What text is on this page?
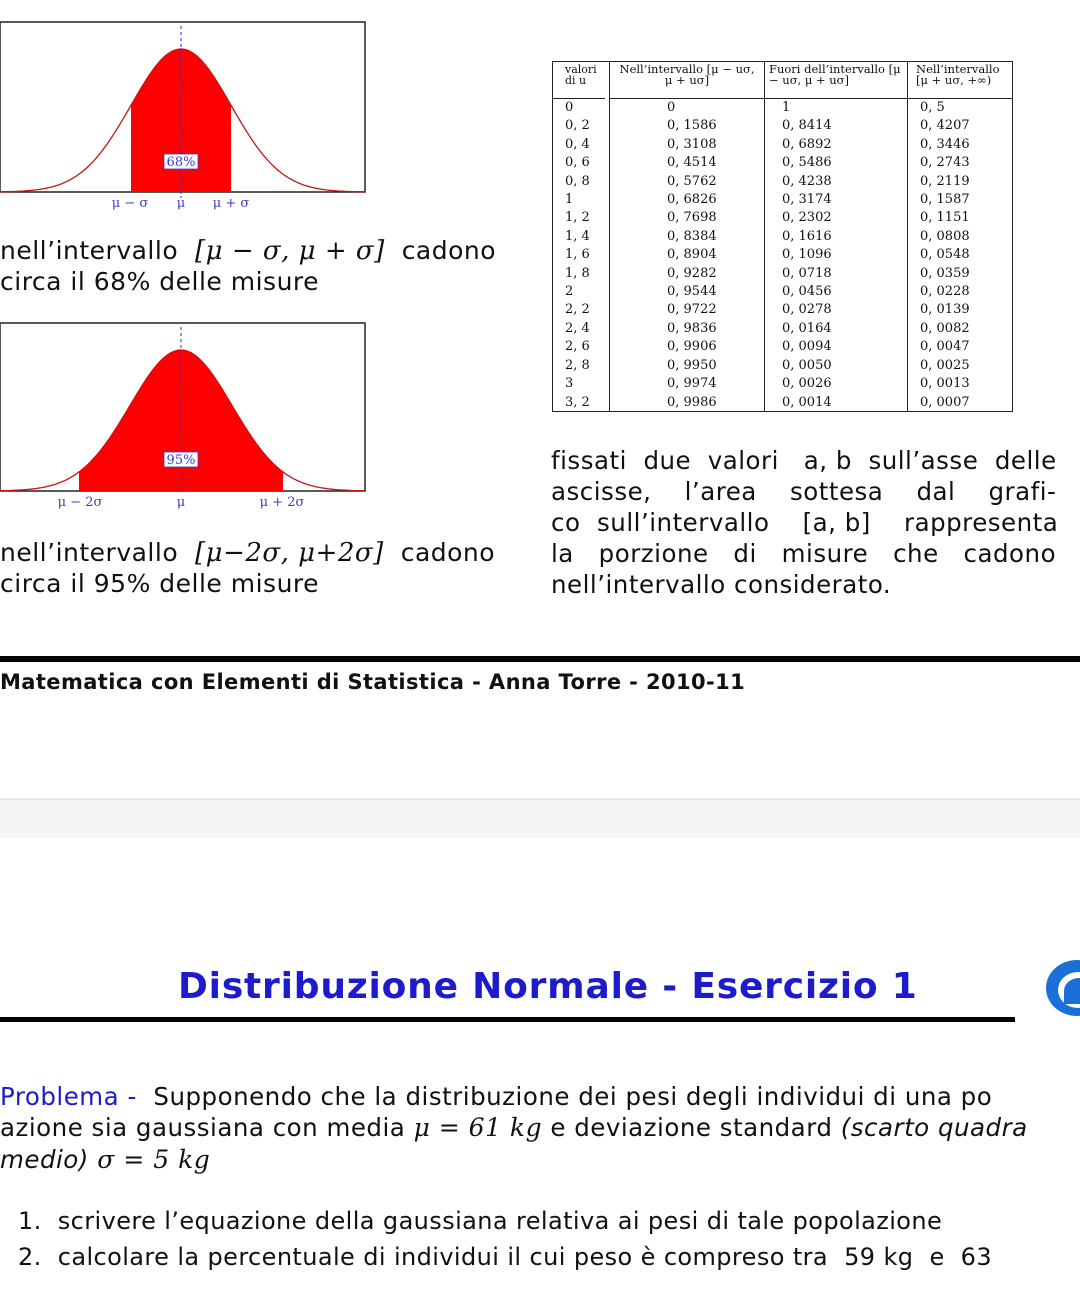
68%
μ − σ μ μ + σ
nell’intervallo [μ − σ, μ + σ] cadono
circa il 68% delle misure
95%
μ − 2σ	μ	μ + 2σ
nell’intervallo [μ−2σ, μ+2σ] cadono
circa il 95% delle misure
valori di u
0
0, 2
0, 4
0, 6
0, 8
1
1, 2
1, 4
1, 6
1, 8
2
2, 2
2, 4
2, 6
2, 8
3
3, 2
Nell’intervallo [μ − uσ, μ + uσ]
0
0, 1586
0, 3108
0, 4514
0, 5762
0, 6826
0, 7698
0, 8384
0, 8904
0, 9282
0, 9544
0, 9722
0, 9836
0, 9906
0, 9950
0, 9974
0, 9986
Fuori dell’intervallo [μ − uσ, μ + uσ]
1
0, 8414
0, 6892
0, 5486
0, 4238
0, 3174
0, 2302
0, 1616
0, 1096
0, 0718
0, 0456
0, 0278
0, 0164
0, 0094
0, 0050
0, 0026
0, 0014
Nell’intervallo [μ + uσ, +∞)
0, 5
0, 4207
0, 3446
0, 2743
0, 2119
0, 1587
0, 1151
0, 0808
0, 0548
0, 0359
0, 0228
0, 0139
0, 0082
0, 0047
0, 0025
0, 0013
0, 0007
fissati  due  valori   a, b  sull’asse  delle
ascisse,    l’area    sottesa    dal    grafi-
co  sull’intervallo    [a, b]    rappresenta
la   porzione   di   misure   che   cadono
nell’intervallo considerato.
Matematica con Elementi di Statistica - Anna Torre - 2010-11
Distribuzione Normale - Esercizio 1
Problema - Supponendo che la distribuzione dei pesi degli individui di una po
azione sia gaussiana con media μ = 61 kg e deviazione standard (scarto quadra
medio) σ = 5 kg
1.  scrivere l’equazione della gaussiana relativa ai pesi di tale popolazione
2.  calcolare la percentuale di individui il cui peso è compreso tra  59 kg  e  63
